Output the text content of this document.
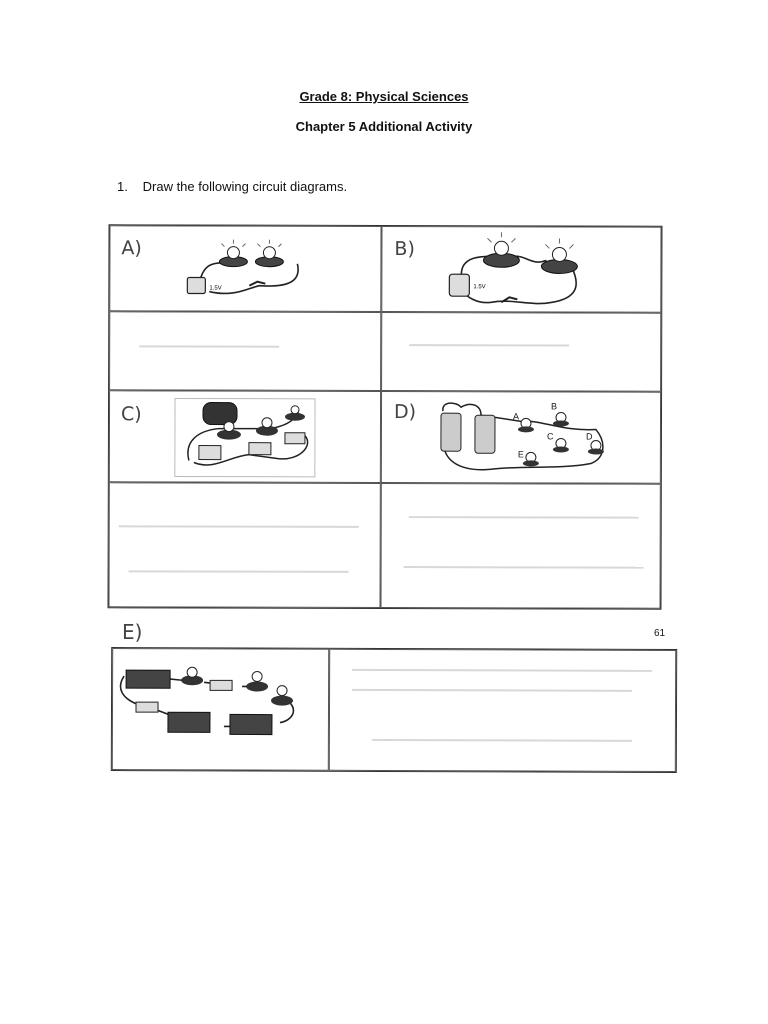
Grade 8: Physical Sciences
Chapter 5 Additional Activity
1. Draw the following circuit diagrams.
A)	B)
C)	D)
1.5V	1.5V
A
B
C	D
E
E)	61
